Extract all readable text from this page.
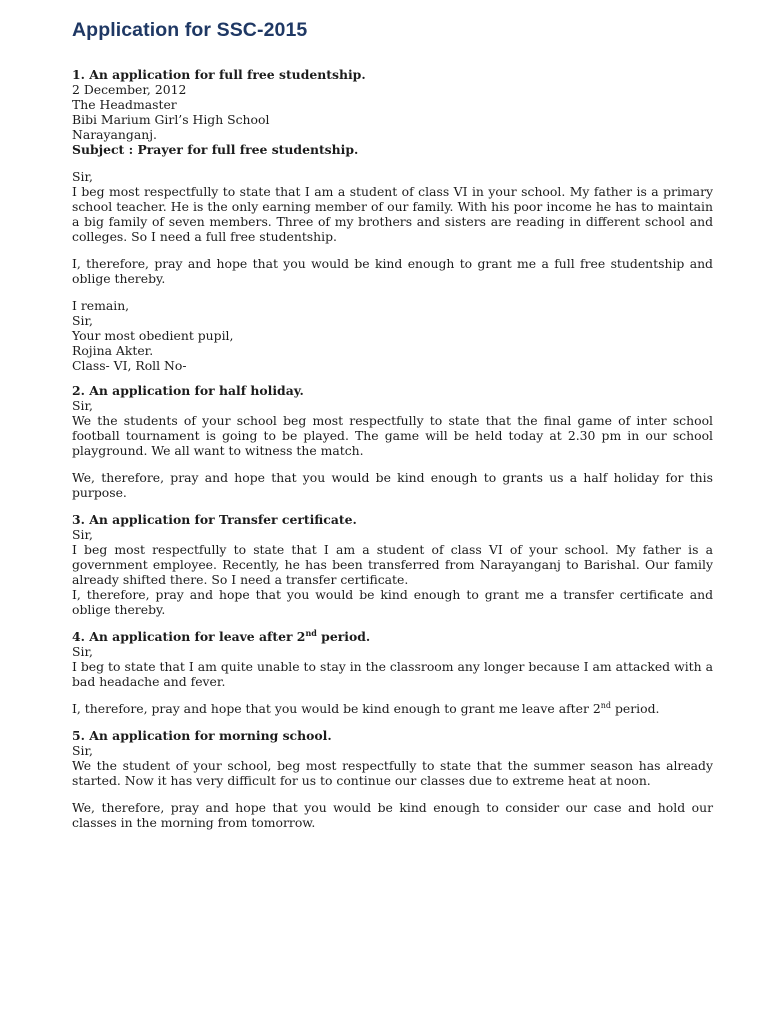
Application for SSC-2015

1. An application for full free studentship.

2 December, 2012

The Headmaster

Bibi Marium Girl’s High School

Narayanganj.

Subject : Prayer for full free studentship.

Sir,

I beg most respectfully to state that I am a student of class VI in your school. My father is a primary school teacher. He is the only earning member of our family. With his poor income he has to maintain a big family of seven members. Three of my brothers and sisters are reading in different school and colleges. So I need a full free studentship.

I, therefore, pray and hope that you would be kind enough to grant me a full free studentship and oblige thereby.

I remain,

Sir,

Your most obedient pupil,

Rojina Akter.

Class- VI, Roll No-

2. An application for half holiday.

Sir,

We the students of your school beg most respectfully to state that the final game of inter school football tournament is going to be played. The game will be held today at 2.30 pm in our school playground. We all want to witness the match.

We, therefore, pray and hope that you would be kind enough to grants us a half holiday for this purpose.

3. An application for Transfer certificate.

Sir,

I beg most respectfully to state that I am a student of class VI of your school. My father is a government employee. Recently, he has been transferred from Narayanganj to Barishal. Our family already shifted there. So I need a transfer certificate.

I, therefore, pray and hope that you would be kind enough to grant me a transfer certificate and oblige thereby.

4. An application for leave after 2nd period.

Sir,

I beg to state that I am quite unable to stay in the classroom any longer because I am attacked with a bad headache and fever.

I, therefore, pray and hope that you would be kind enough to grant me leave after 2nd period.

5. An application for morning school.

Sir,

We the student of your school, beg most respectfully to state that the summer season has already started. Now it has very difficult for us to continue our classes due to extreme heat at noon.

We, therefore, pray and hope that you would be kind enough to consider our case and hold our classes in the morning from tomorrow.
